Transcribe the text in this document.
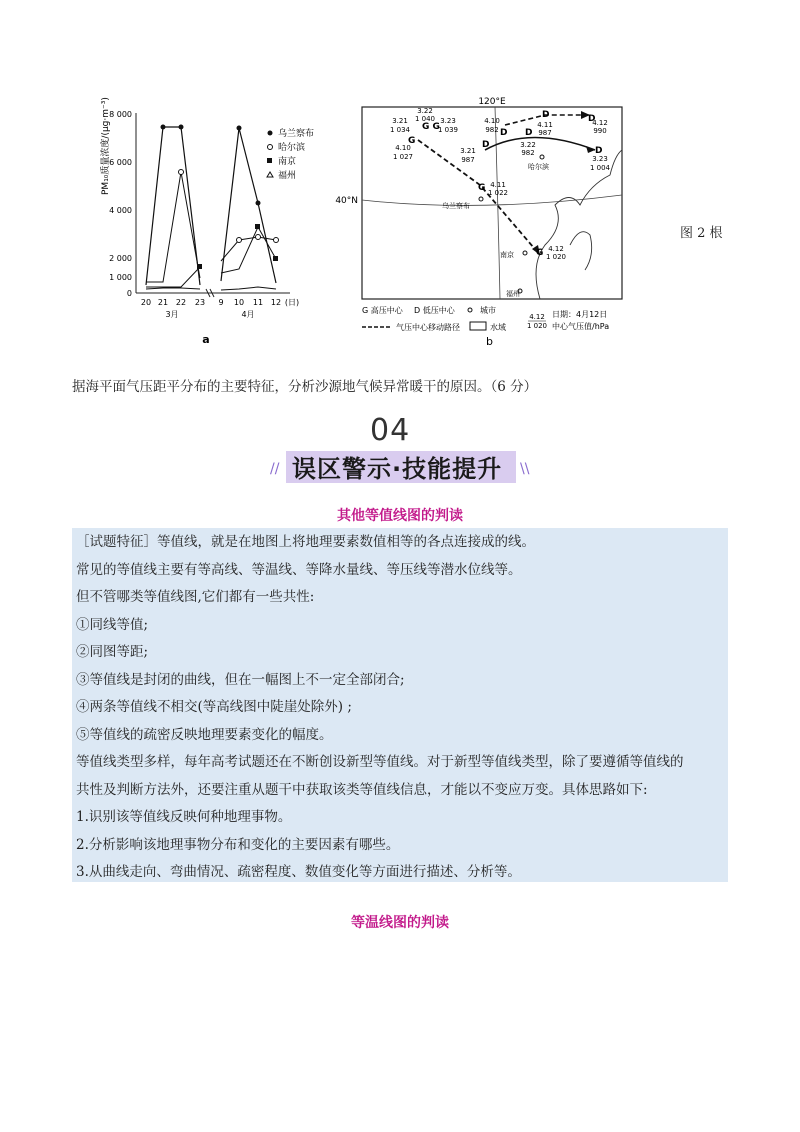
PM₁₀质量浓度/(μg·m⁻³)
8 000
6 000
4 000
2 000
1 000
0
20 21 22 23 9 10 11 12 (日)
3月	4月
a
乌兰察布
哈尔滨
南京
福州
120°E
40°N
G
G G
D
D
D	D
D
D
G
G
3.21
1 034
3.22
1 040 3.23
1 039
4.10
1 027
3.21
987
4.10
982
4.11
987
4.12
990
3.22
982
3.23
1 004
4.11
1 022
4.12
1 020
乌兰察布
哈尔滨
南京
福州
G 高压中心 D 低压中心	城市
气压中心移动路径	水域
4.12
1 020
日期：4月12日
中心气压值/hPa
b
图 2 根
据海平面气压距平分布的主要特征，分析沙源地气候异常暖干的原因。（6 分）
04
误区警示·技能提升
//	\\
其他等值线图的判读
［试题特征］等值线，就是在地图上将地理要素数值相等的各点连接成的线。
常见的等值线主要有等高线、等温线、等降水量线、等压线等潜水位线等。
但不管哪类等值线图,它们都有一些共性:
①同线等值;
②同图等距;
③等值线是封闭的曲线，但在一幅图上不一定全部闭合;
④两条等值线不相交(等高线图中陡崖处除外) ;
⑤等值线的疏密反映地理要素变化的幅度。
等值线类型多样，每年高考试题还在不断创设新型等值线。对于新型等值线类型，除了要遵循等值线的
共性及判断方法外，还要注重从题干中获取该类等值线信息，才能以不变应万变。具体思路如下:
1.识别该等值线反映何种地理事物。
2.分析影响该地理事物分布和变化的主要因素有哪些。
3.从曲线走向、弯曲情况、疏密程度、数值变化等方面进行描述、分析等。
等温线图的判读
